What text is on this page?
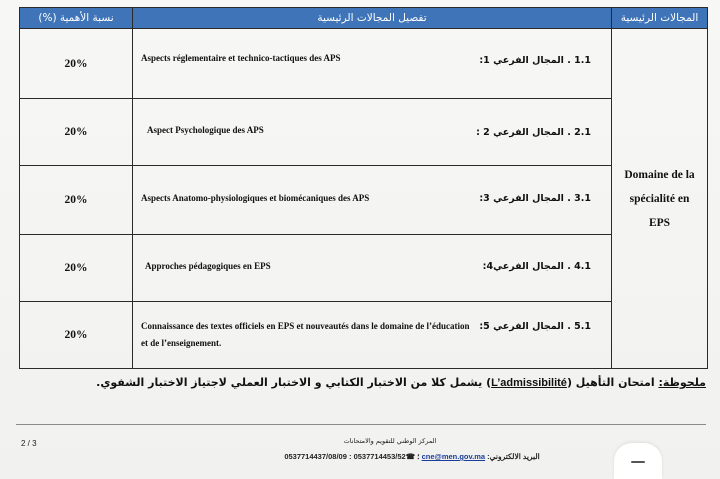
نسبة الأهمية (%)	تفصيل المجالات الرئيسية	المجالات الرئيسية
20%	1.1 . المجال الفرعي 1:
Aspects réglementaire et technico-tactiques des APS	Domaine de la
spécialité en
EPS
20%	2.1 . المجال الفرعي 2 :
Aspect Psychologique des APS	

20%	3.1 . المجال الفرعي 3:
Aspects Anatomo-physiologiques et biomécaniques des APS	

20%	4.1 . المجال الفرعي4:
Approches pédagogiques en EPS	

20%	5.1 . المجال الفرعي 5:
Connaissance des textes officiels en EPS et nouveautés dans le domaine de l’éducation
et de l’enseignement.	
ملحوظة: امتحان التأهيل (L’admissibilité) يشمل كلا من الاختبار الكتابي و الاختبار العملي لاجتياز الاختبار الشفوي.
2 / 3	المركز الوطني للتقويم والامتحانات
البريد الالكتروني: cne@men.gov.ma ؛ ☎0537714453/52 : 0537714437/08/09
